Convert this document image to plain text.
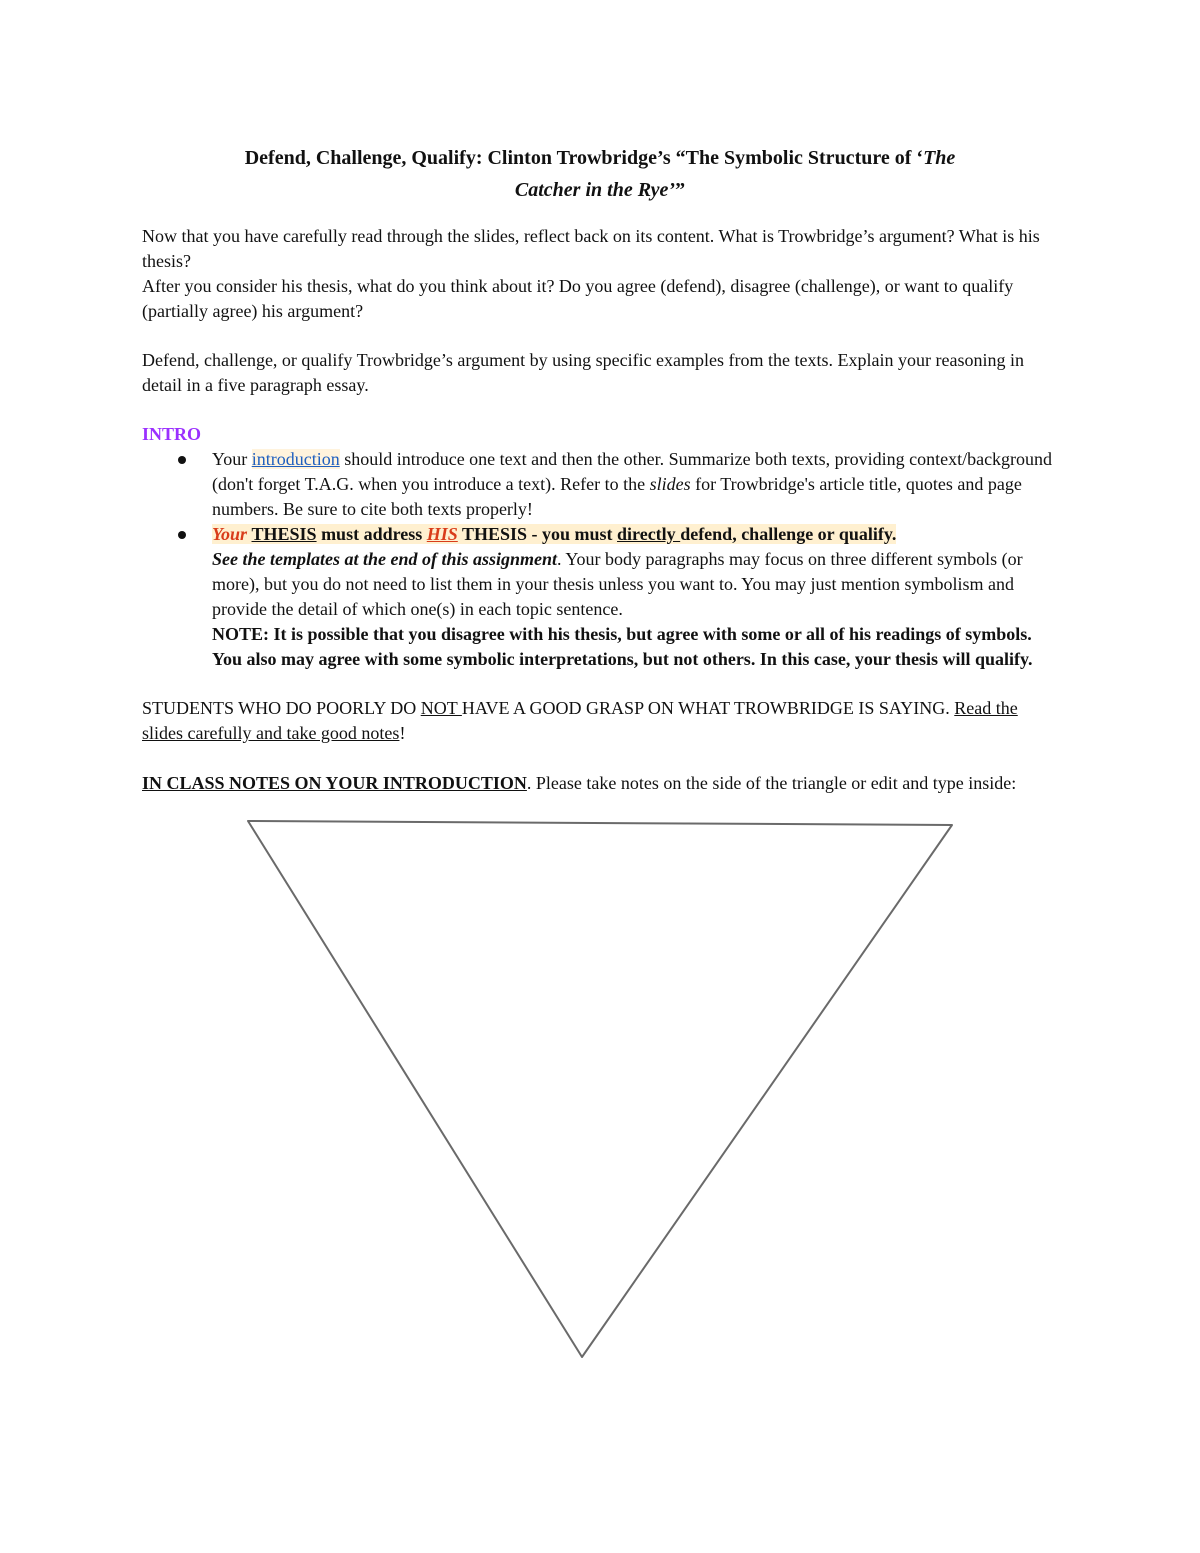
Defend, Challenge, Qualify: Clinton Trowbridge’s “The Symbolic Structure of ‘The
Catcher in the Rye’”
Now that you have carefully read through the slides, reflect back on its content. What is Trowbridge’s argument? What is his thesis?
After you consider his thesis, what do you think about it? Do you agree (defend), disagree (challenge), or want to qualify (partially agree) his argument?
Defend, challenge, or qualify Trowbridge’s argument by using specific examples from the texts. Explain your reasoning in detail in a five paragraph essay.
INTRO
Your introduction should introduce one text and then the other. Summarize both texts, providing context/background (don't forget T.A.G. when you introduce a text). Refer to the slides for Trowbridge's article title, quotes and page numbers. Be sure to cite both texts properly!
Your THESIS must address HIS THESIS - you must directly defend, challenge or qualify.
See the templates at the end of this assignment. Your body paragraphs may focus on three different symbols (or more), but you do not need to list them in your thesis unless you want to. You may just mention symbolism and provide the detail of which one(s) in each topic sentence.
NOTE: It is possible that you disagree with his thesis, but agree with some or all of his readings of symbols. You also may agree with some symbolic interpretations, but not others. In this case, your thesis will qualify.
STUDENTS WHO DO POORLY DO NOT HAVE A GOOD GRASP ON WHAT TROWBRIDGE IS SAYING. Read the slides carefully and take good notes!
IN CLASS NOTES ON YOUR INTRODUCTION. Please take notes on the side of the triangle or edit and type inside:
